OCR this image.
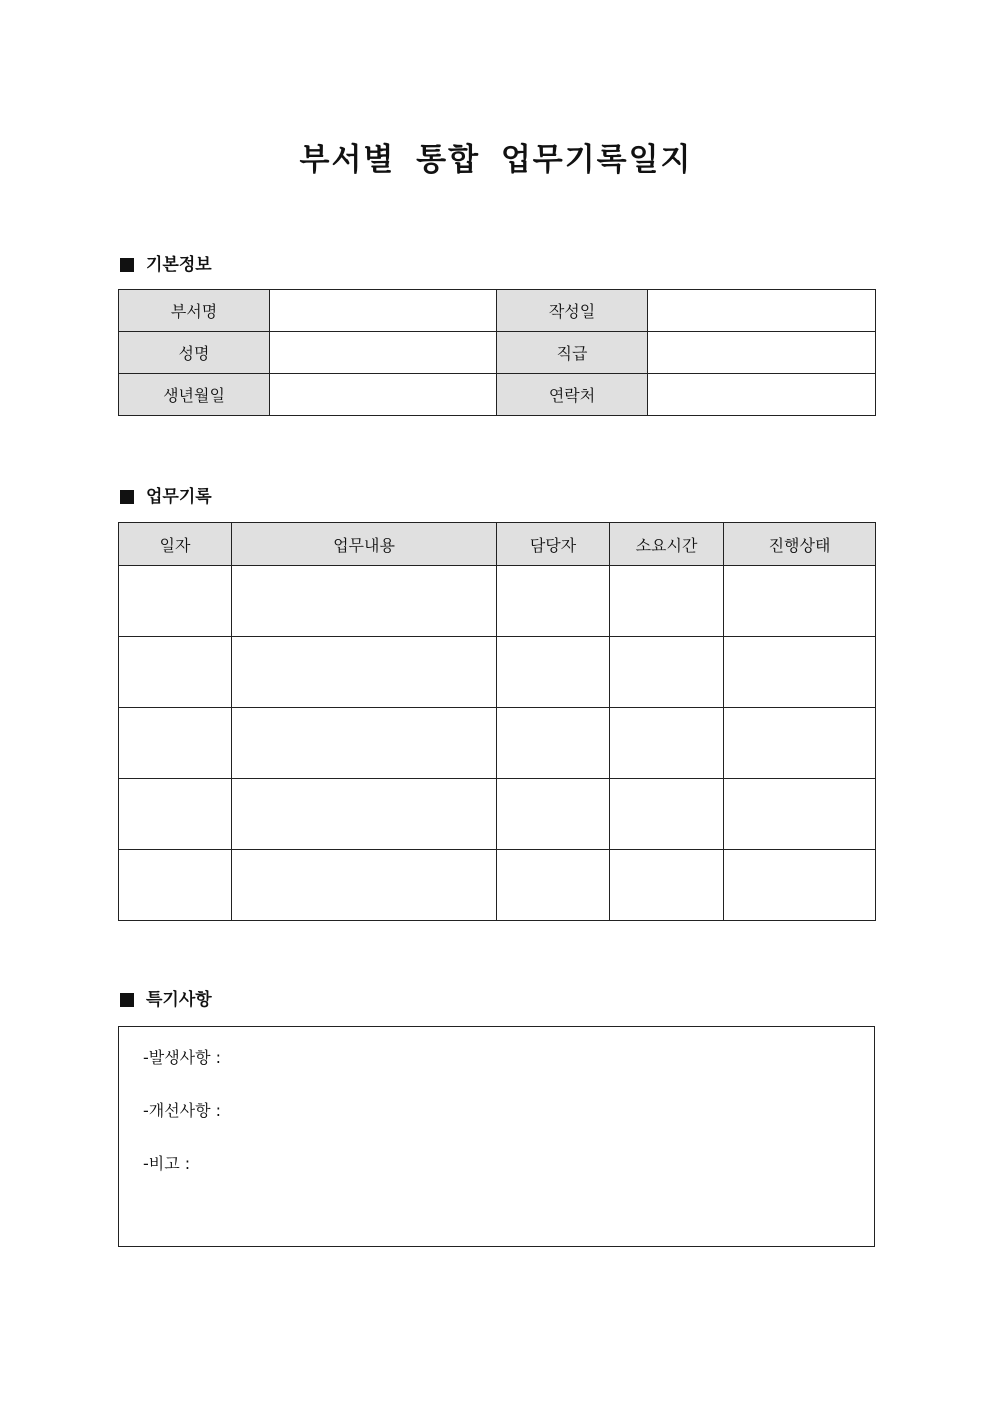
부서별 통합 업무기록일지
기본정보
부서명		작성일	
성명		직급	
생년월일		연락처	
업무기록
일자	업무내용	담당자	소요시간	진행상태

특기사항
-발생사항 :
-개선사항 :
-비고 :
